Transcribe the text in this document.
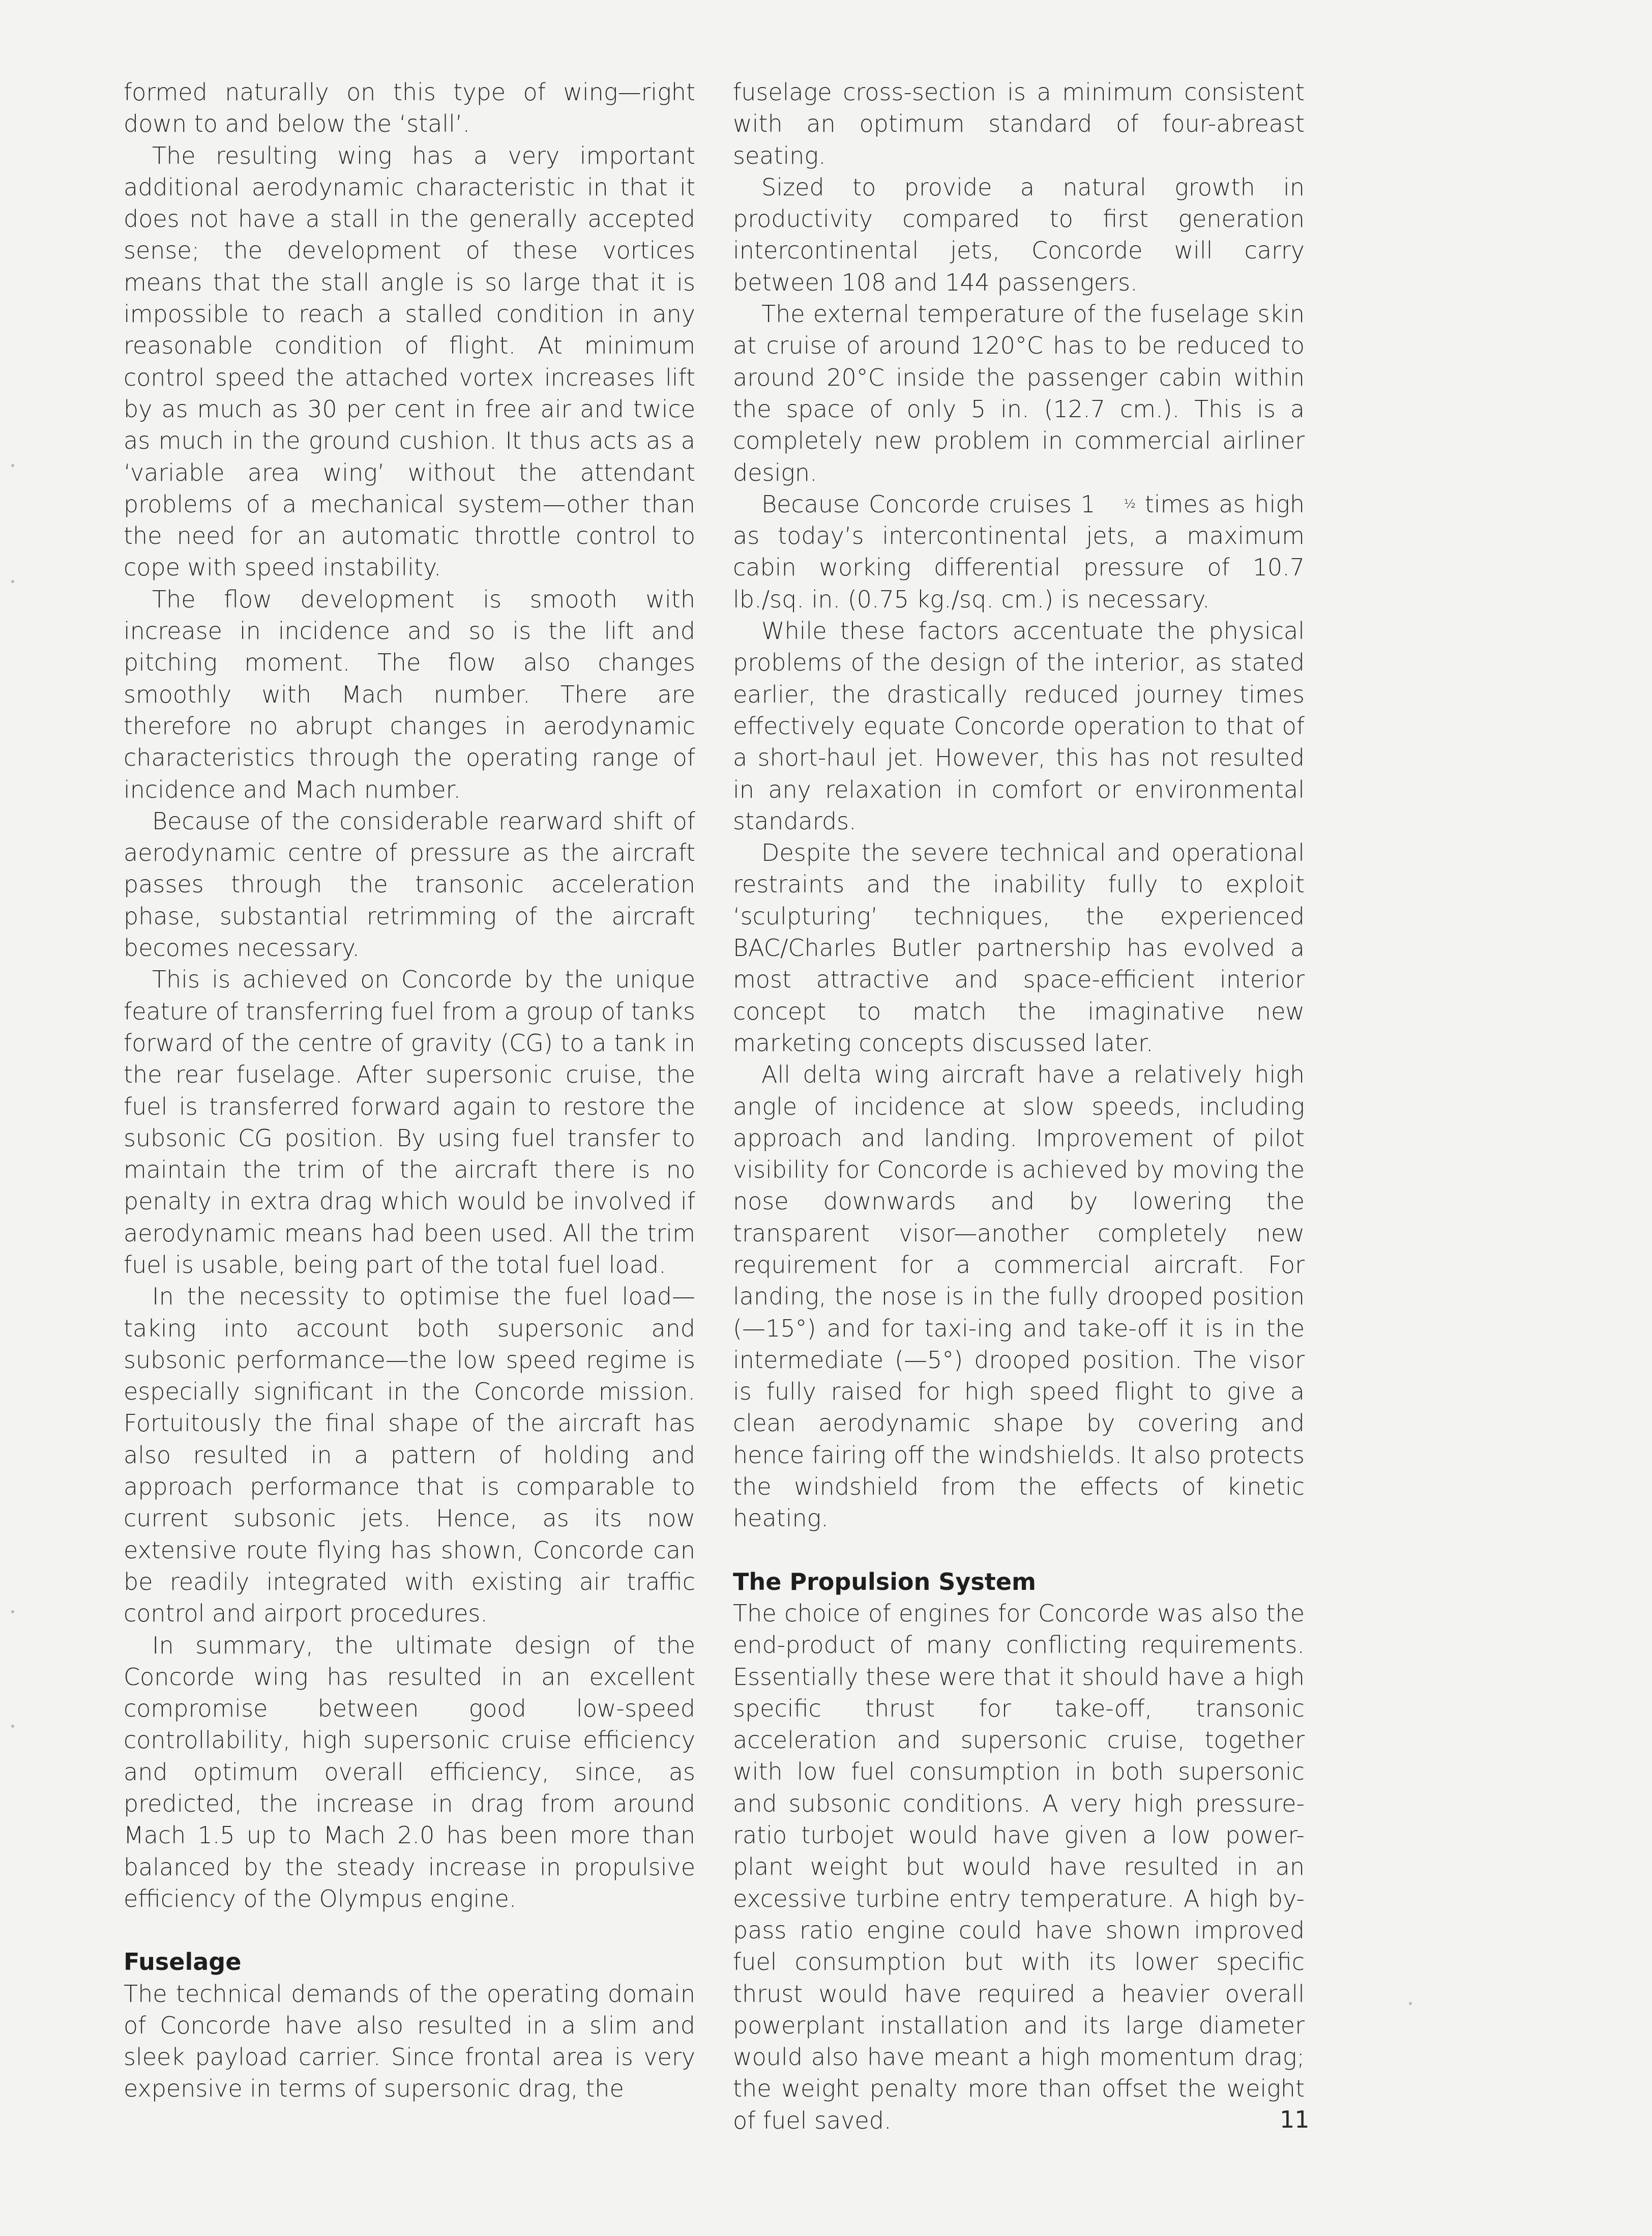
formed naturally on this type of wing—right down to and below the ‘stall’.

The resulting wing has a very important additional aerodynamic characteristic in that it does not have a stall in the generally accepted sense; the development of these vortices means that the stall angle is so large that it is impossible to reach a stalled condition in any reasonable condition of flight. At minimum control speed the attached vortex increases lift by as much as 30 per cent in free air and twice as much in the ground cushion. It thus acts as a ‘variable area wing’ without the attendant problems of a mechanical system—other than the need for an automatic throttle control to cope with speed instability.

The flow development is smooth with increase in incidence and so is the lift and pitching moment. The flow also changes smoothly with Mach number. There are therefore no abrupt changes in aerodynamic characteristics through the operating range of incidence and Mach number.

Because of the considerable rearward shift of aerodynamic centre of pressure as the aircraft passes through the transonic acceleration phase, substantial retrimming of the aircraft becomes necessary.

This is achieved on Concorde by the unique feature of transferring fuel from a group of tanks forward of the centre of gravity (CG) to a tank in the rear fuselage. After supersonic cruise, the fuel is transferred forward again to restore the subsonic CG position. By using fuel transfer to maintain the trim of the aircraft there is no penalty in extra drag which would be involved if aerodynamic means had been used. All the trim fuel is usable, being part of the total fuel load.

In the necessity to optimise the fuel load—taking into account both supersonic and subsonic performance—the low speed regime is especially significant in the Concorde mission. Fortuitously the final shape of the aircraft has also resulted in a pattern of holding and approach performance that is comparable to current subsonic jets. Hence, as its now extensive route flying has shown, Concorde can be readily integrated with existing air traffic control and airport procedures.

In summary, the ultimate design of the Concorde wing has resulted in an excellent compromise between good low-speed controllability, high supersonic cruise efficiency and optimum overall efficiency, since, as predicted, the increase in drag from around Mach 1.5 up to Mach 2.0 has been more than balanced by the steady increase in propulsive efficiency of the Olympus engine.

Fuselage

The technical demands of the operating domain of Concorde have also resulted in a slim and sleek payload carrier. Since frontal area is very expensive in terms of supersonic drag, the

fuselage cross-section is a minimum consistent with an optimum standard of four-abreast seating.

Sized to provide a natural growth in productivity compared to first generation intercontinental jets, Concorde will carry between 108 and 144 passengers.

The external temperature of the fuselage skin at cruise of around 120°C has to be reduced to around 20°C inside the passenger cabin within the space of only 5 in. (12.7 cm.). This is a completely new problem in commercial airliner design.

Because Concorde cruises 1 ½ times as high as today’s intercontinental jets, a maximum cabin working differential pressure of 10.7 lb./sq. in. (0.75 kg./sq. cm.) is necessary.

While these factors accentuate the physical problems of the design of the interior, as stated earlier, the drastically reduced journey times effectively equate Concorde operation to that of a short-haul jet. However, this has not resulted in any relaxation in comfort or environmental standards.

Despite the severe technical and operational restraints and the inability fully to exploit ‘sculpturing’ techniques, the experienced BAC/Charles Butler partnership has evolved a most attractive and space-efficient interior concept to match the imaginative new marketing concepts discussed later.

All delta wing aircraft have a relatively high angle of incidence at slow speeds, including approach and landing. Improvement of pilot visibility for Concorde is achieved by moving the nose downwards and by lowering the transparent visor—another completely new requirement for a commercial aircraft. For landing, the nose is in the fully drooped position (—15°) and for taxi-ing and take-off it is in the intermediate (—5°) drooped position. The visor is fully raised for high speed flight to give a clean aerodynamic shape by covering and hence fairing off the windshields. It also protects the windshield from the effects of kinetic heating.

The Propulsion System

The choice of engines for Concorde was also the end-product of many conflicting requirements. Essentially these were that it should have a high specific thrust for take-off, transonic acceleration and supersonic cruise, together with low fuel consumption in both supersonic and subsonic conditions. A very high pressure-ratio turbojet would have given a low power-plant weight but would have resulted in an excessive turbine entry temperature. A high by-pass ratio engine could have shown improved fuel consumption but with its lower specific thrust would have required a heavier overall powerplant installation and its large diameter would also have meant a high momentum drag; the weight penalty more than offset the weight of fuel saved.	11
